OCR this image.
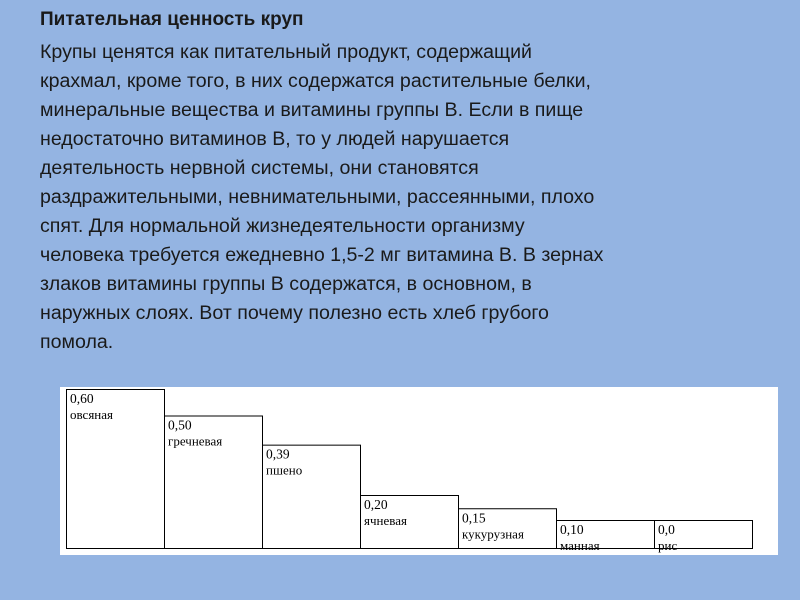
Питательная ценность круп
Крупы ценятся как питательный продукт, содержащий
крахмал, кроме того, в них содержатся растительные белки,
минеральные вещества и витамины группы В. Если в пище
недостаточно витаминов В, то у людей нарушается
деятельность нервной системы, они становятся
раздражительными, невнимательными, рассеянными, плохо
спят. Для нормальной жизнедеятельности организму
человека требуется ежедневно 1,5-2 мг витамина В. В зернах
злаков витамины группы В содержатся, в основном, в
наружных слоях. Вот почему полезно есть хлеб грубого
помола.
0,60
овсяная
0,50
гречневая
0,39
пшено
0,20
ячневая	0,15
кукурузная	0,10
манная
0,0
рис
